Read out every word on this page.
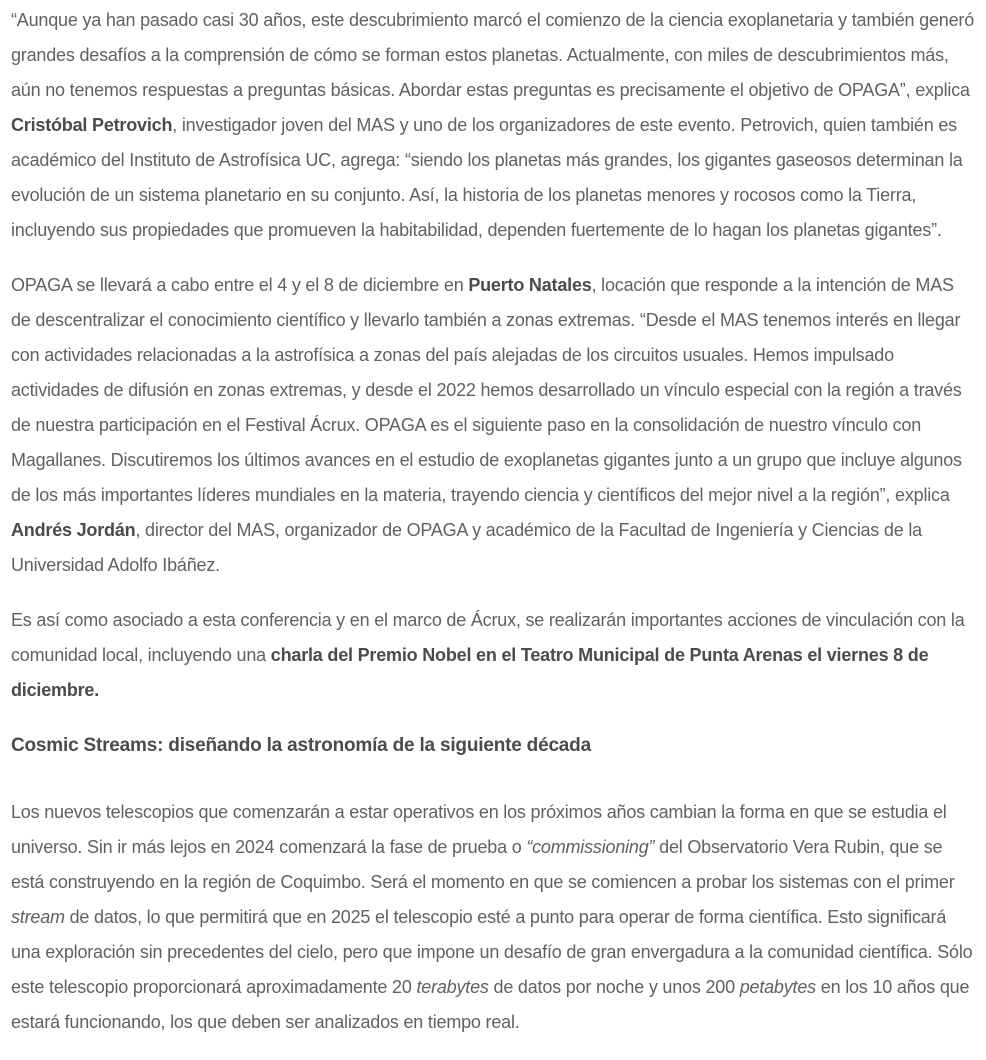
“Aunque ya han pasado casi 30 años, este descubrimiento marcó el comienzo de la ciencia exoplanetaria y también generó grandes desafíos a la comprensión de cómo se forman estos planetas. Actualmente, con miles de descubrimientos más, aún no tenemos respuestas a preguntas básicas. Abordar estas preguntas es precisamente el objetivo de OPAGA”, explica Cristóbal Petrovich, investigador joven del MAS y uno de los organizadores de este evento. Petrovich, quien también es académico del Instituto de Astrofísica UC, agrega: “siendo los planetas más grandes, los gigantes gaseosos determinan la evolución de un sistema planetario en su conjunto. Así, la historia de los planetas menores y rocosos como la Tierra, incluyendo sus propiedades que promueven la habitabilidad, dependen fuertemente de lo hagan los planetas gigantes”.

OPAGA se llevará a cabo entre el 4 y el 8 de diciembre en Puerto Natales, locación que responde a la intención de MAS de descentralizar el conocimiento científico y llevarlo también a zonas extremas. “Desde el MAS tenemos interés en llegar con actividades relacionadas a la astrofísica a zonas del país alejadas de los circuitos usuales. Hemos impulsado actividades de difusión en zonas extremas, y desde el 2022 hemos desarrollado un vínculo especial con la región a través de nuestra participación en el Festival Ácrux. OPAGA es el siguiente paso en la consolidación de nuestro vínculo con Magallanes. Discutiremos los últimos avances en el estudio de exoplanetas gigantes junto a un grupo que incluye algunos de los más importantes líderes mundiales en la materia, trayendo ciencia y científicos del mejor nivel a la región”, explica Andrés Jordán, director del MAS, organizador de OPAGA y académico de la Facultad de Ingeniería y Ciencias de la Universidad Adolfo Ibáñez.

Es así como asociado a esta conferencia y en el marco de Ácrux, se realizarán importantes acciones de vinculación con la comunidad local, incluyendo una charla del Premio Nobel en el Teatro Municipal de Punta Arenas el viernes 8 de diciembre.

Cosmic Streams: diseñando la astronomía de la siguiente década

Los nuevos telescopios que comenzarán a estar operativos en los próximos años cambian la forma en que se estudia el universo. Sin ir más lejos en 2024 comenzará la fase de prueba o “commissioning” del Observatorio Vera Rubin, que se está construyendo en la región de Coquimbo. Será el momento en que se comiencen a probar los sistemas con el primer stream de datos, lo que permitirá que en 2025 el telescopio esté a punto para operar de forma científica. Esto significará una exploración sin precedentes del cielo, pero que impone un desafío de gran envergadura a la comunidad científica. Sólo este telescopio proporcionará aproximadamente 20 terabytes de datos por noche y unos 200 petabytes en los 10 años que estará funcionando, los que deben ser analizados en tiempo real.
